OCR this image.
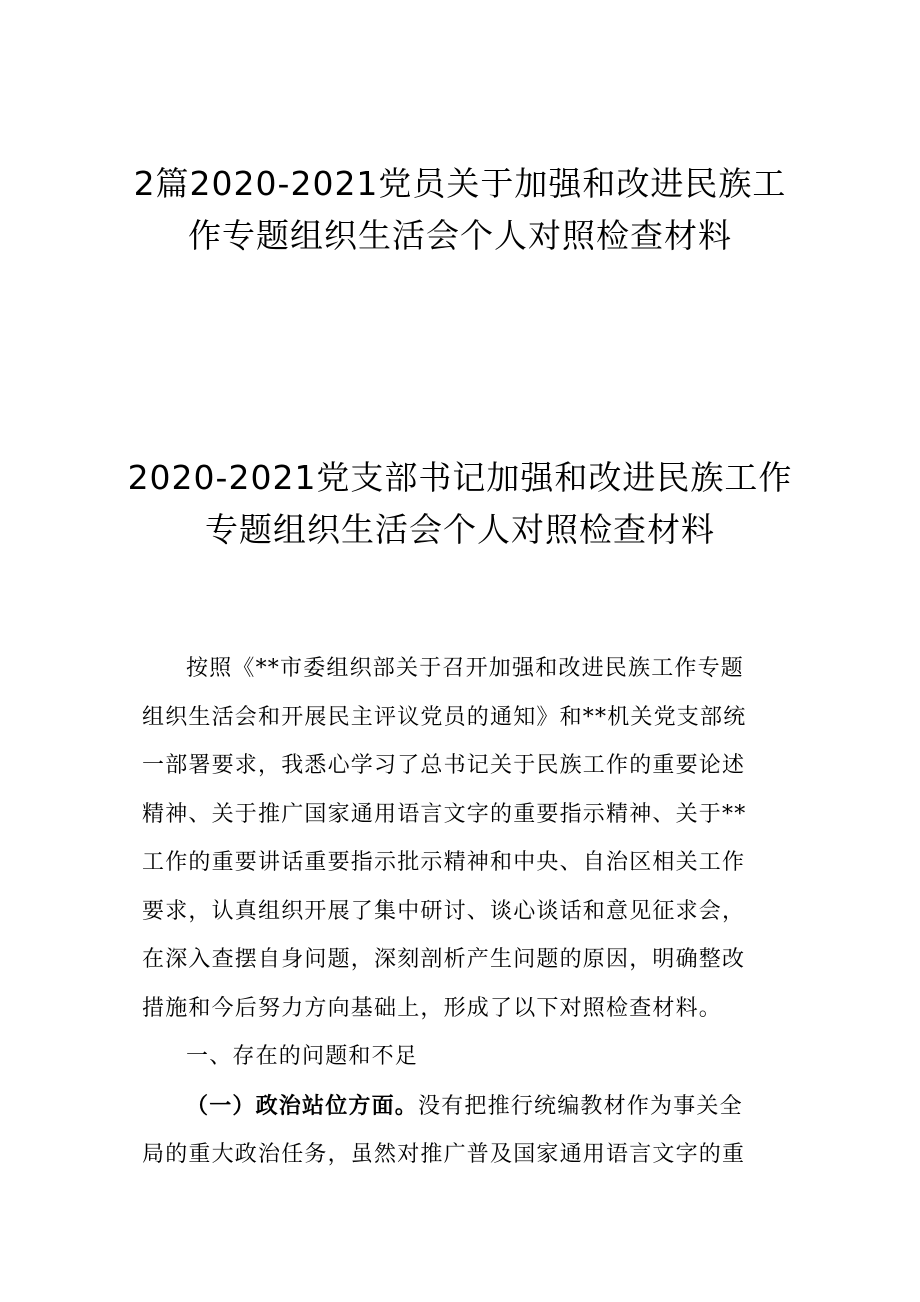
2篇2020-2021党员关于加强和改进民族工
作专题组织生活会个人对照检查材料
2020-2021党支部书记加强和改进民族工作
专题组织生活会个人对照检查材料

按照《**市委组织部关于召开加强和改进民族工作专题
组织生活会和开展民主评议党员的通知》和**机关党支部统
一部署要求，我悉心学习了总书记关于民族工作的重要论述
精神、关于推广国家通用语言文字的重要指示精神、关于**
工作的重要讲话重要指示批示精神和中央、自治区相关工作
要求，认真组织开展了集中研讨、谈心谈话和意见征求会，
在深入查摆自身问题，深刻剖析产生问题的原因，明确整改
措施和今后努力方向基础上，形成了以下对照检查材料。

一、存在的问题和不足

（一）政治站位方面。没有把推行统编教材作为事关全
局的重大政治任务，虽然对推广普及国家通用语言文字的重
